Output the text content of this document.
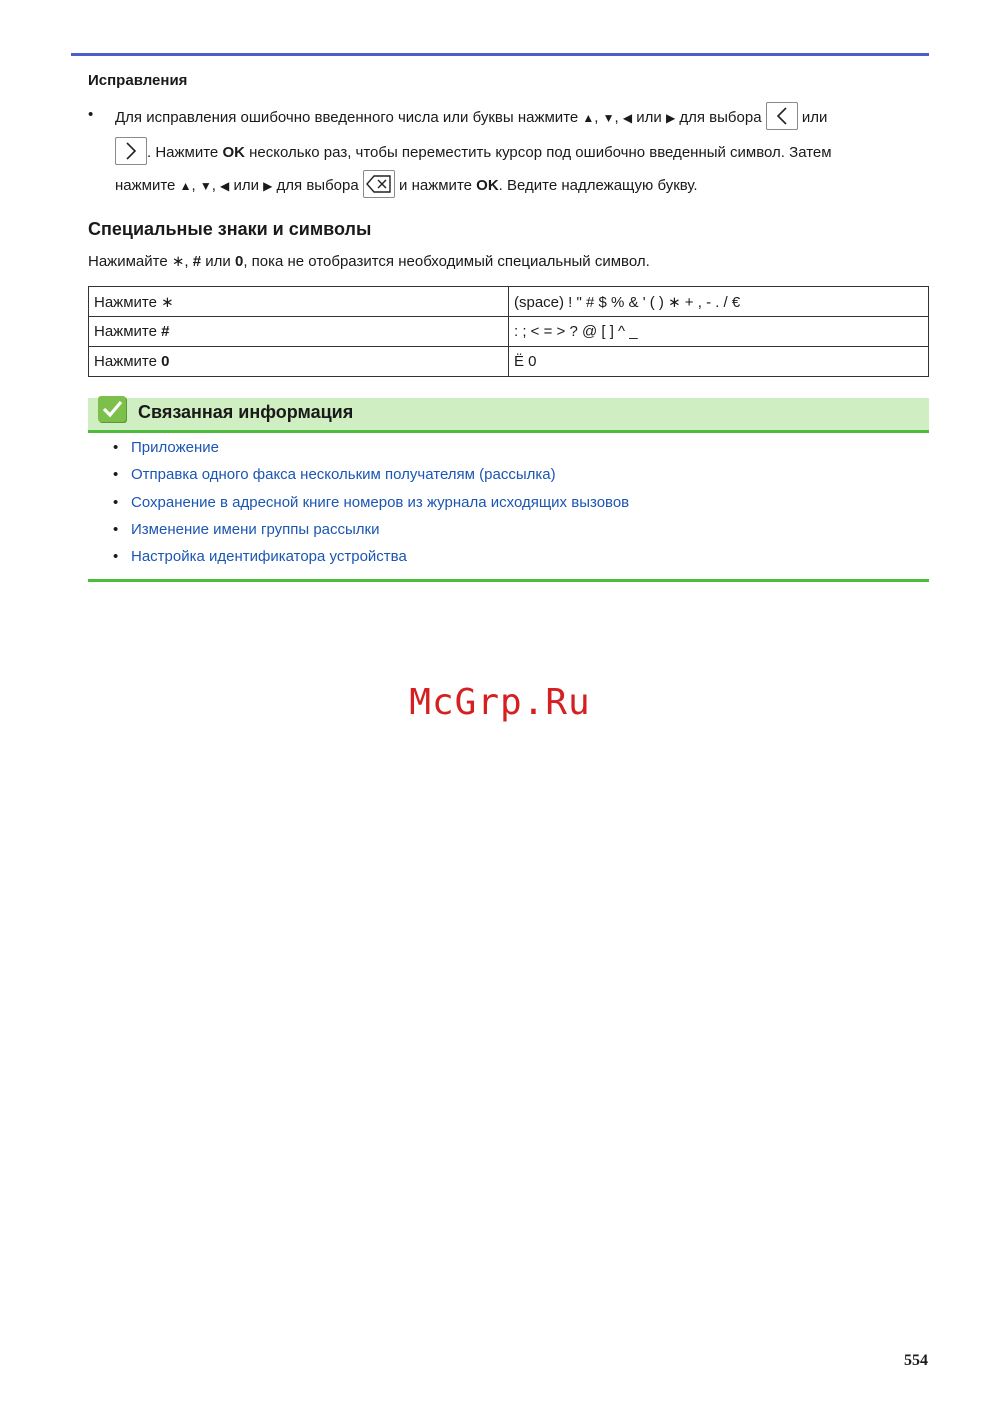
Исправления
• Для исправления ошибочно введенного числа или буквы нажмите ▲, ▼, ◀ или ▶ для выбора
или
. Нажмите OK несколько раз, чтобы переместить курсор под ошибочно введенный символ. Затем
нажмите ▲, ▼, ◀ или ▶ для выбора
и нажмите OK. Ведите надлежащую букву.
Специальные знаки и символы
Нажимайте ∗, # или 0, пока не отобразится необходимый специальный символ.
Нажмите ∗	(space) ! " # $ % & ' ( ) ∗ + , - . / €
Нажмите #	: ; < = > ? @ [ ] ^ _
Нажмите 0	Ё 0
Связанная информация
• Приложение
• Отправка одного факса нескольким получателям (рассылка)
• Сохранение в адресной книге номеров из журнала исходящих вызовов
• Изменение имени группы рассылки
• Настройка идентификатора устройства
McGrp.Ru
554
